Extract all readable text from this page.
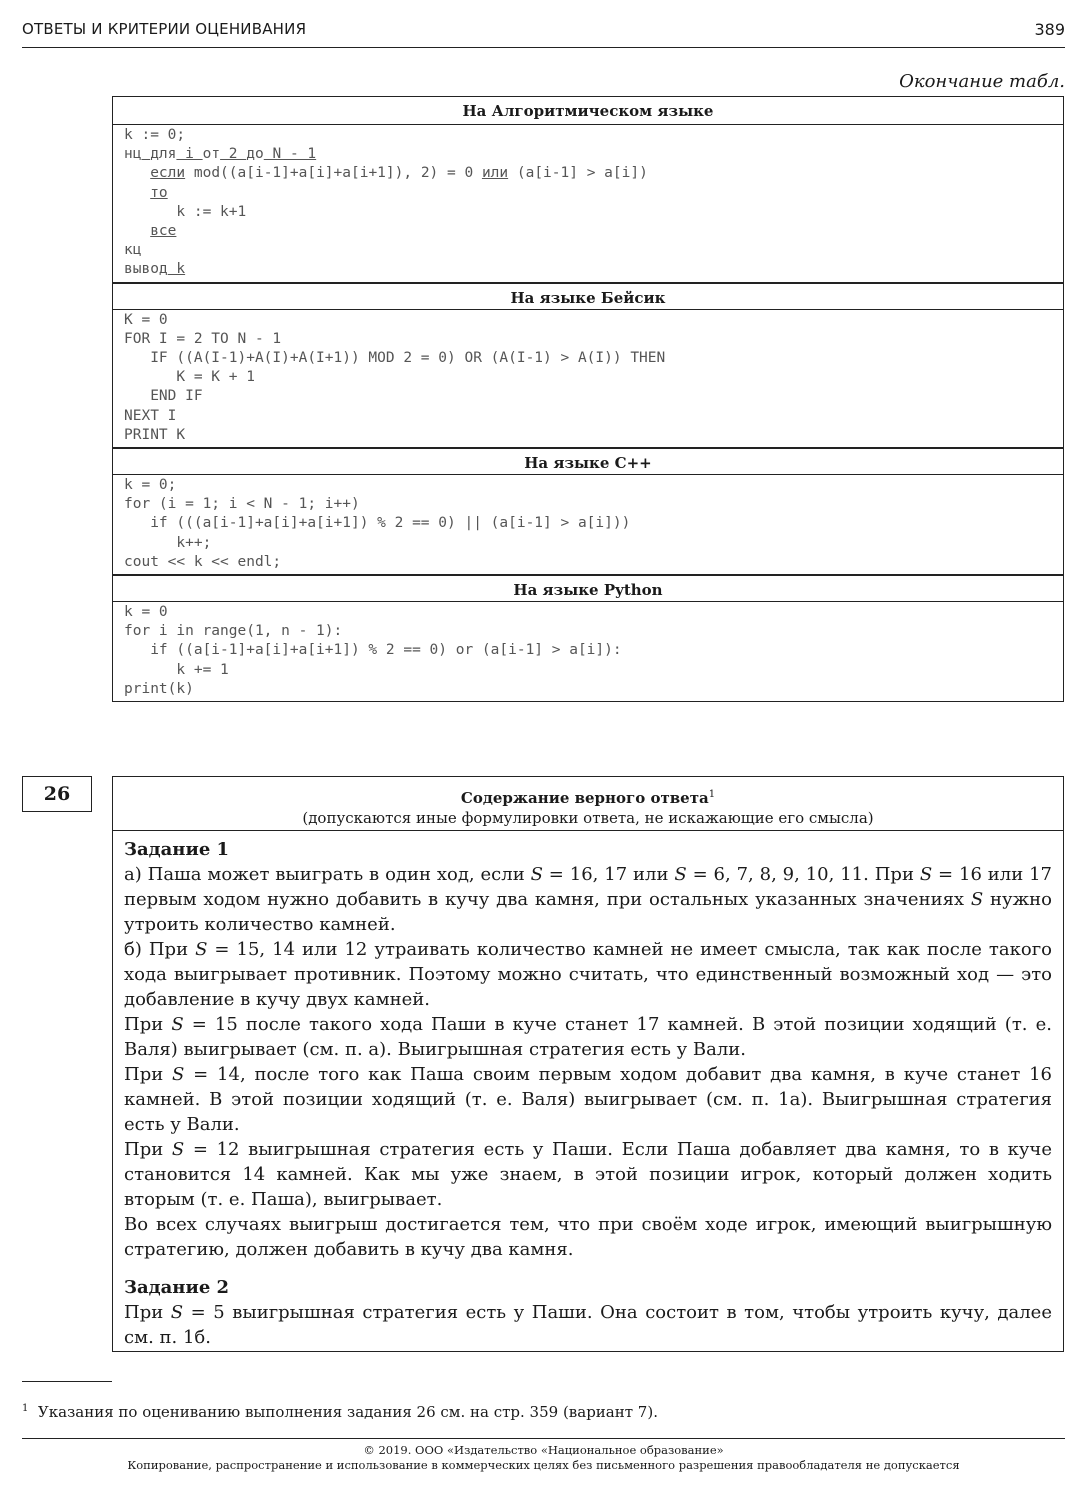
ОТВЕТЫ И КРИТЕРИИ ОЦЕНИВАНИЯ	389
Окончание табл.
На Алгоритмическом языке
k := 0;
нц для i от 2 до N - 1
если mod((a[i-1]+a[i]+a[i+1]), 2) = 0 или (a[i-1] > a[i])
то
k := k+1
все
кц
вывод k
На языке Бейсик
K = 0
FOR I = 2 TO N - 1
IF ((A(I-1)+A(I)+A(I+1)) MOD 2 = 0) OR (A(I-1) > A(I)) THEN
K = K + 1
END IF
NEXT I
PRINT K
На языке C++
k = 0;
for (i = 1; i < N - 1; i++)
if (((a[i-1]+a[i]+a[i+1]) % 2 == 0) || (a[i-1] > a[i]))
k++;
cout << k << endl;
На языке Python
k = 0
for i in range(1, n - 1):
if ((a[i-1]+a[i]+a[i+1]) % 2 == 0) or (a[i-1] > a[i]):
k += 1
print(k)
26	Содержание верного ответа$^1$
(допускаются иные формулировки ответа, не искажающие его смысла)

Задание 1

а) Паша может выиграть в один ход, если S = 16, 17 или S = 6, 7, 8, 9, 10, 11. При S = 16 или 17 первым ходом нужно добавить в кучу два камня, при остальных указанных значениях S нужно утроить количество камней.

б) При S = 15, 14 или 12 утраивать количество камней не имеет смысла, так как после такого хода выигрывает противник. Поэтому можно считать, что единственный возможный ход — это добавление в кучу двух камней.

При S = 15 после такого хода Паши в куче станет 17 камней. В этой позиции ходящий (т. е. Валя) выигрывает (см. п. а). Выигрышная стратегия есть у Вали.

При S = 14, после того как Паша своим первым ходом добавит два камня, в куче станет 16 камней. В этой позиции ходящий (т. е. Валя) выигрывает (см. п. 1а). Выигрышная стратегия есть у Вали.

При S = 12 выигрышная стратегия есть у Паши. Если Паша добавляет два камня, то в куче становится 14 камней. Как мы уже знаем, в этой позиции игрок, который должен ходить вторым (т. е. Паша), выигрывает.

Во всех случаях выигрыш достигается тем, что при своём ходе игрок, имеющий выигрышную стратегию, должен добавить в кучу два камня.

Задание 2

При S = 5 выигрышная стратегия есть у Паши. Она состоит в том, чтобы утроить кучу, далее см. п. 1б.

$^1$ Указания по оцениванию выполнения задания 26 см. на стр. 359 (вариант 7).
© 2019. ООО «Издательство «Национальное образование»
Копирование, распространение и использование в коммерческих целях без письменного разрешения правообладателя не допускается
